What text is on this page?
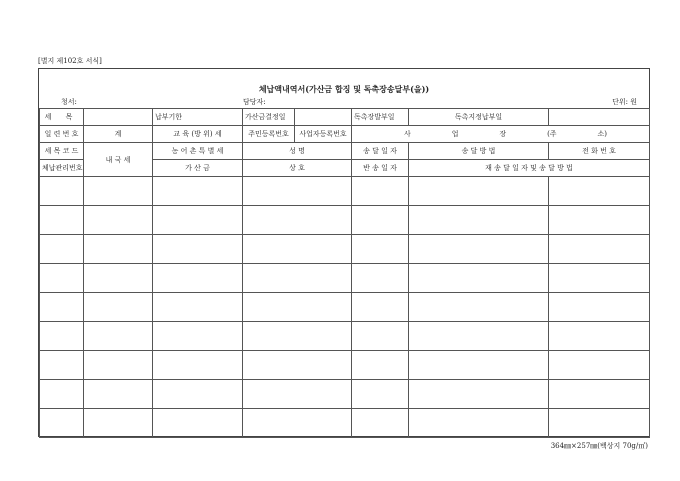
[별지 제102호 서식]
체납액내역서(가산금 합징 및 독촉장송달부(을))
청서:	담당자:	단위: 원
세 목		납부기한	가산금결정일		독촉장발부일	독촉지정납부일	
일 련 번 호	계	교 육 (방 위) 세	주민등록번호	사업자등록번호	사 업 장 (주 소)		

세 목 코 드	내 국 세	농 어 촌 특 별 세	성 명		송 달 일 자	송 달 방 법	전 화 번 호
체납관리번호		가 산 금	상 호		반 송 일 자	재 송 달 일 자 및 송 달 방 법	

364㎜×257㎜(백상지 70g/㎡)
